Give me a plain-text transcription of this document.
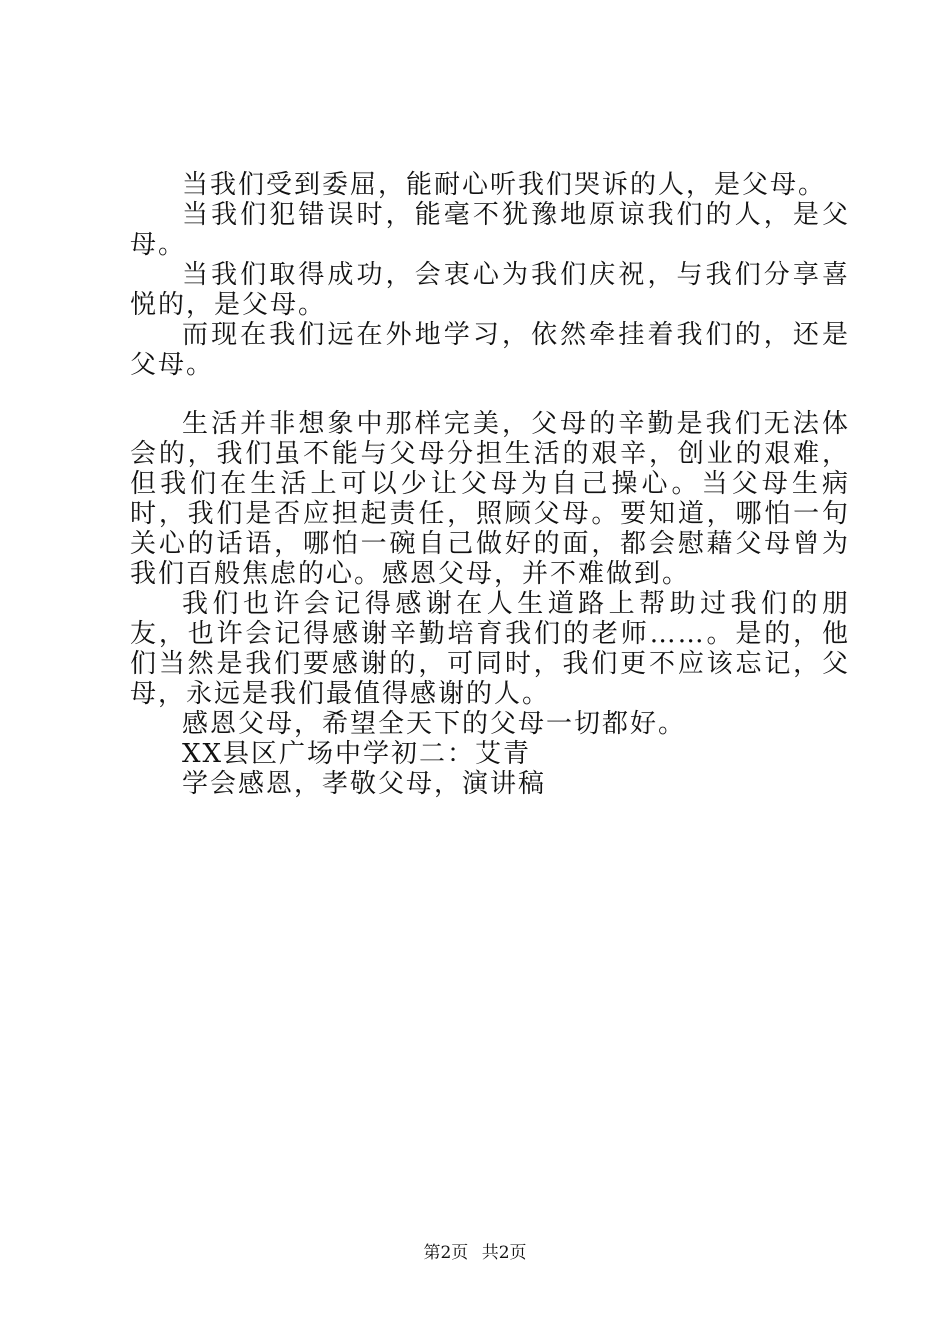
当我们受到委屈，能耐心听我们哭诉的人，是父母。

当我们犯错误时，能毫不犹豫地原谅我们的人，是父母。

当我们取得成功，会衷心为我们庆祝，与我们分享喜悦的，是父母。

而现在我们远在外地学习，依然牵挂着我们的，还是父母。

生活并非想象中那样完美，父母的辛勤是我们无法体会的，我们虽不能与父母分担生活的艰辛，创业的艰难，但我们在生活上可以少让父母为自己操心。当父母生病时，我们是否应担起责任，照顾父母。要知道，哪怕一句关心的话语，哪怕一碗自己做好的面，都会慰藉父母曾为我们百般焦虑的心。感恩父母，并不难做到。

我们也许会记得感谢在人生道路上帮助过我们的朋友，也许会记得感谢辛勤培育我们的老师……。是的，他们当然是我们要感谢的，可同时，我们更不应该忘记，父母，永远是我们最值得感谢的人。

感恩父母，希望全天下的父母一切都好。

XX县区广场中学初二：艾青

学会感恩，孝敬父母，演讲稿

第2页 共2页
